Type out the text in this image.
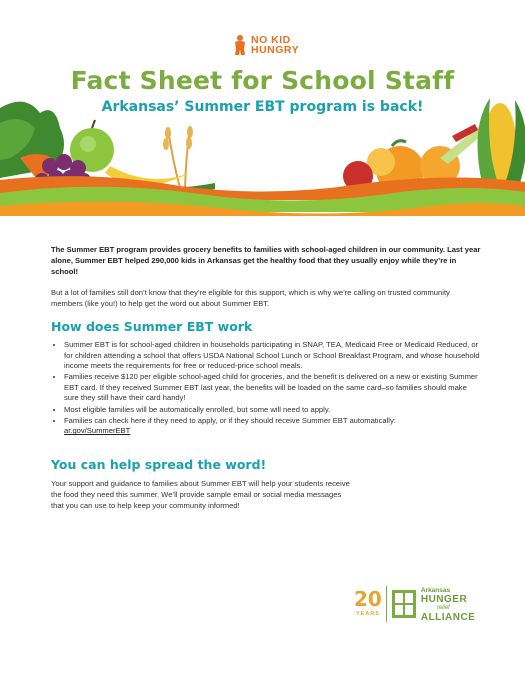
NO KID
HUNGRY
Fact Sheet for School Staff
Arkansas’ Summer EBT program is back!

The Summer EBT program provides grocery benefits to families with school-aged children in our community. Last year alone, Summer EBT helped 290,000 kids in Arkansas get the healthy food that they usually enjoy while they’re in school!

But a lot of families still don’t know that they’re eligible for this support, which is why we’re calling on trusted community members (like you!) to help get the word out about Summer EBT.

How does Summer EBT work
• Summer EBT is for school-aged children in households participating in SNAP, TEA, Medicaid Free or Medicaid Reduced, or for children attending a school that offers USDA National School Lunch or School Breakfast Program, and whose household income meets the requirements for free or reduced-price school meals.
• Families receive $120 per eligible school-aged child for groceries, and the benefit is delivered on a new or existing Summer EBT card. If they received Summer EBT last year, the benefits will be loaded on the same card–so families should make sure they still have their card handy!
• Most eligible families will be automatically enrolled, but some will need to apply.
• Families can check here if they need to apply, or if they should receive Summer EBT automatically:
ar.gov/SummerEBT
You can help spread the word!

Your support and guidance to families about Summer EBT will help your students receive the food they need this summer. We’ll provide sample email or social media messages that you can use to help keep your community informed!

20
YEARS
Arkansas
HUNGER
relief
ALLIANCE
